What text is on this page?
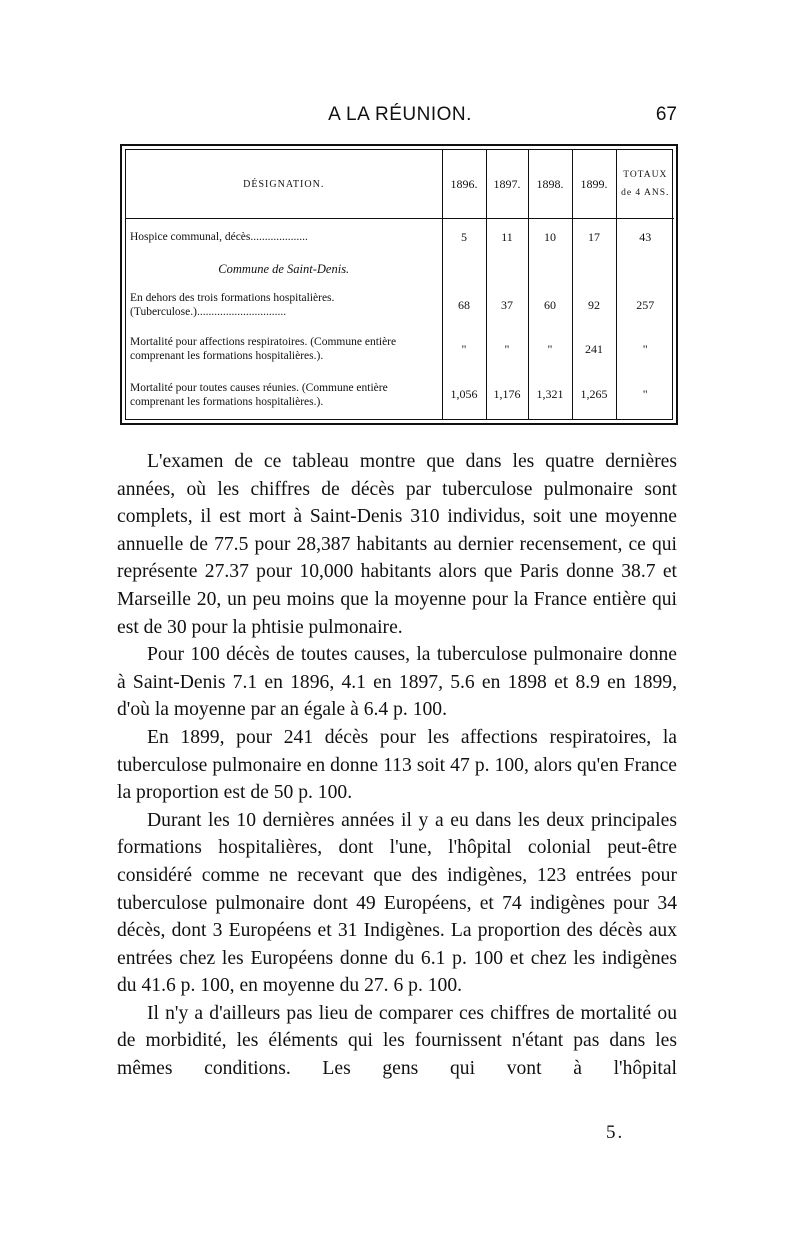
A LA RÉUNION.	67
DÉSIGNATION.	1896.	1897.	1898.	1899.	TOTAUX de 4 ANS.
Hospice communal, décès....................	5	11	10	17	43
Commune de Saint-Denis.					
En dehors des trois formations hospitalières. (Tuberculose.)...............................	68	37	60	92	257
Mortalité pour affections respiratoires. (Commune entière comprenant les formations hospitalières.).	"	"	"	241	"
Mortalité pour toutes causes réunies. (Commune entière comprenant les formations hospitalières.).	1,056	1,176	1,321	1,265	"

L'examen de ce tableau montre que dans les quatre dernières années, où les chiffres de décès par tuberculose pulmonaire sont complets, il est mort à Saint-Denis 310 individus, soit une moyenne annuelle de 77.5 pour 28,387 habitants au dernier recensement, ce qui représente 27.37 pour 10,000 habitants alors que Paris donne 38.7 et Marseille 20, un peu moins que la moyenne pour la France entière qui est de 30 pour la phtisie pulmonaire.

Pour 100 décès de toutes causes, la tuberculose pulmonaire donne à Saint-Denis 7.1 en 1896, 4.1 en 1897, 5.6 en 1898 et 8.9 en 1899, d'où la moyenne par an égale à 6.4 p. 100.

En 1899, pour 241 décès pour les affections respiratoires, la tuberculose pulmonaire en donne 113 soit 47 p. 100, alors qu'en France la proportion est de 50 p. 100.

Durant les 10 dernières années il y a eu dans les deux principales formations hospitalières, dont l'une, l'hôpital colonial peut-être considéré comme ne recevant que des indigènes, 123 entrées pour tuberculose pulmonaire dont 49 Européens, et 74 indigènes pour 34 décès, dont 3 Européens et 31 Indigènes. La proportion des décès aux entrées chez les Européens donne du 6.1 p. 100 et chez les indigènes du 41.6 p. 100, en moyenne du 27. 6 p. 100.

Il n'y a d'ailleurs pas lieu de comparer ces chiffres de mortalité ou de morbidité, les éléments qui les fournissent n'étant pas dans les mêmes conditions. Les gens qui vont à l'hôpital

5.
